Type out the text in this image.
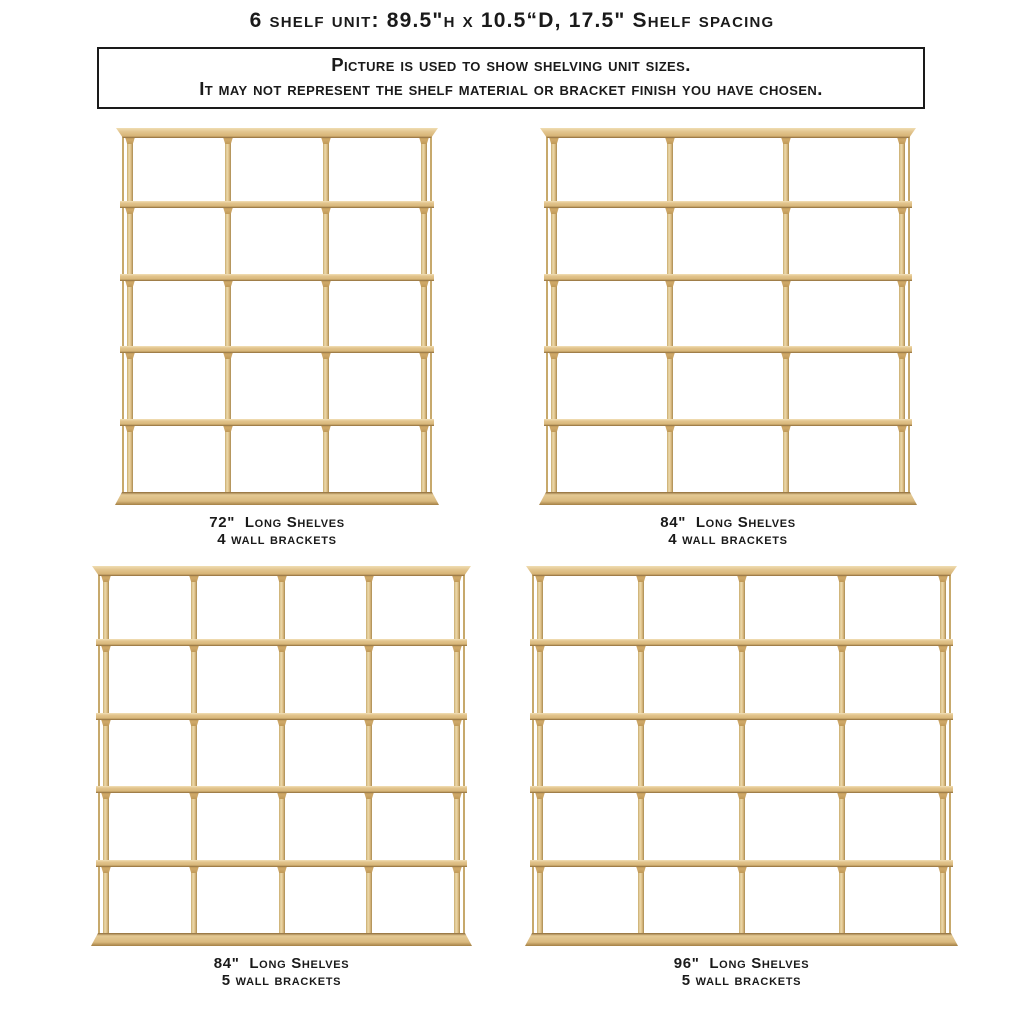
6 shelf unit: 89.5"h x 10.5“D, 17.5" Shelf spacing

Picture is used to show shelving unit sizes.

It may not represent the shelf material or bracket finish you have chosen.

72"  Long Shelves

4 wall brackets

84"  Long Shelves

4 wall brackets

84"  Long Shelves

5 wall brackets

96"  Long Shelves

5 wall brackets
